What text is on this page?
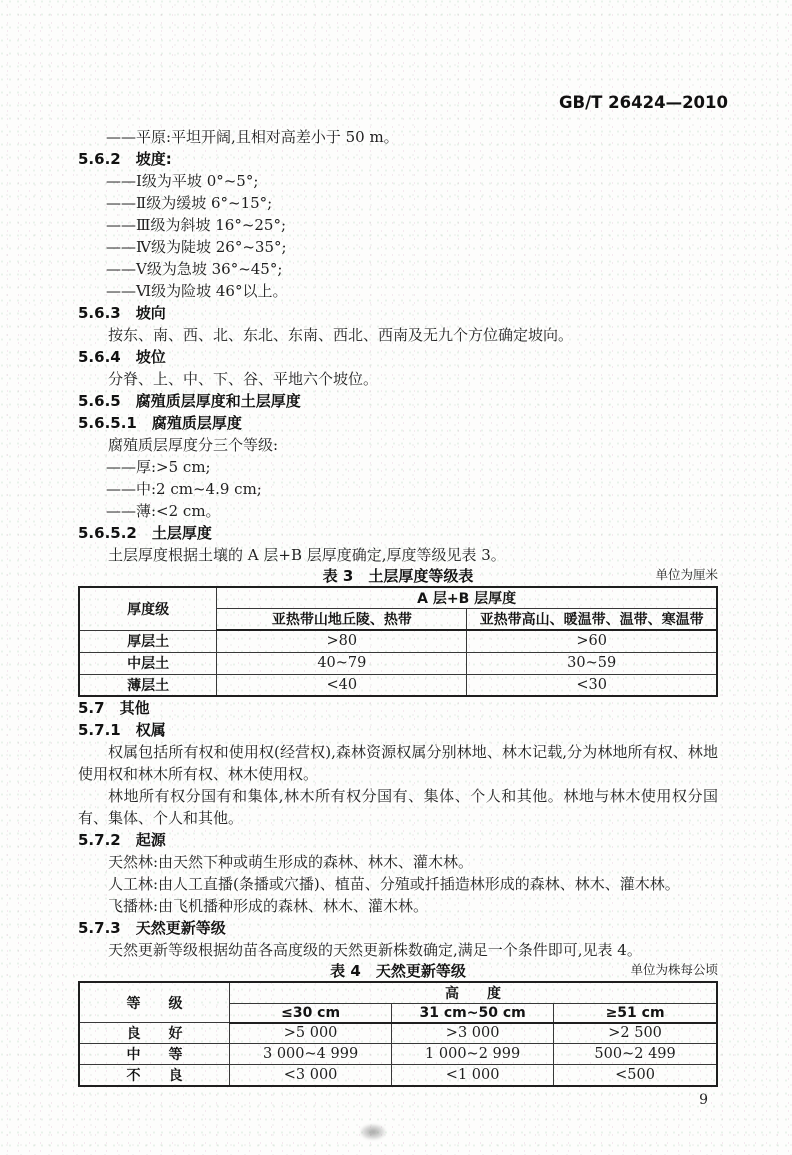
GB/T 26424—2010
——平原:平坦开阔,且相对高差小于 50 m。
5.6.2　坡度:
——Ⅰ级为平坡 0°~5°;
——Ⅱ级为缓坡 6°~15°;
——Ⅲ级为斜坡 16°~25°;
——Ⅳ级为陡坡 26°~35°;
——Ⅴ级为急坡 36°~45°;
——Ⅵ级为险坡 46°以上。
5.6.3　坡向
按东、南、西、北、东北、东南、西北、西南及无九个方位确定坡向。
5.6.4　坡位
分脊、上、中、下、谷、平地六个坡位。
5.6.5　腐殖质层厚度和土层厚度
5.6.5.1　腐殖质层厚度
腐殖质层厚度分三个等级:
——厚:>5 cm;
——中:2 cm~4.9 cm;
——薄:<2 cm。
5.6.5.2　土层厚度
土层厚度根据土壤的 A 层+B 层厚度确定,厚度等级见表 3。
表 3　土层厚度等级表	单位为厘米
厚度级	A 层+B 层厚度	
	亚热带山地丘陵、热带	亚热带高山、暖温带、温带、寒温带
厚层土	>80	>60
中层土	40~79	30~59
薄层土	<40	<30
5.7　其他
5.7.1　权属

权属包括所有权和使用权(经营权),森林资源权属分别林地、林木记载,分为林地所有权、林地使用权和林木所有权、林木使用权。

林地所有权分国有和集体,林木所有权分国有、集体、个人和其他。林地与林木使用权分国有、集体、个人和其他。

5.7.2　起源
天然林:由天然下种或萌生形成的森林、林木、灌木林。
人工林:由人工直播(条播或穴播)、植苗、分殖或扦插造林形成的森林、林木、灌木林。
飞播林:由飞机播种形成的森林、林木、灌木林。
5.7.3　天然更新等级
天然更新等级根据幼苗各高度级的天然更新株数确定,满足一个条件即可,见表 4。
表 4　天然更新等级	单位为株每公顷
等　　级	高　　度		
	≤30 cm	31 cm~50 cm	≥51 cm
良　　好	>5 000	>3 000	>2 500
中　　等	3 000~4 999	1 000~2 999	500~2 499
不　　良	<3 000	<1 000	<500
9
